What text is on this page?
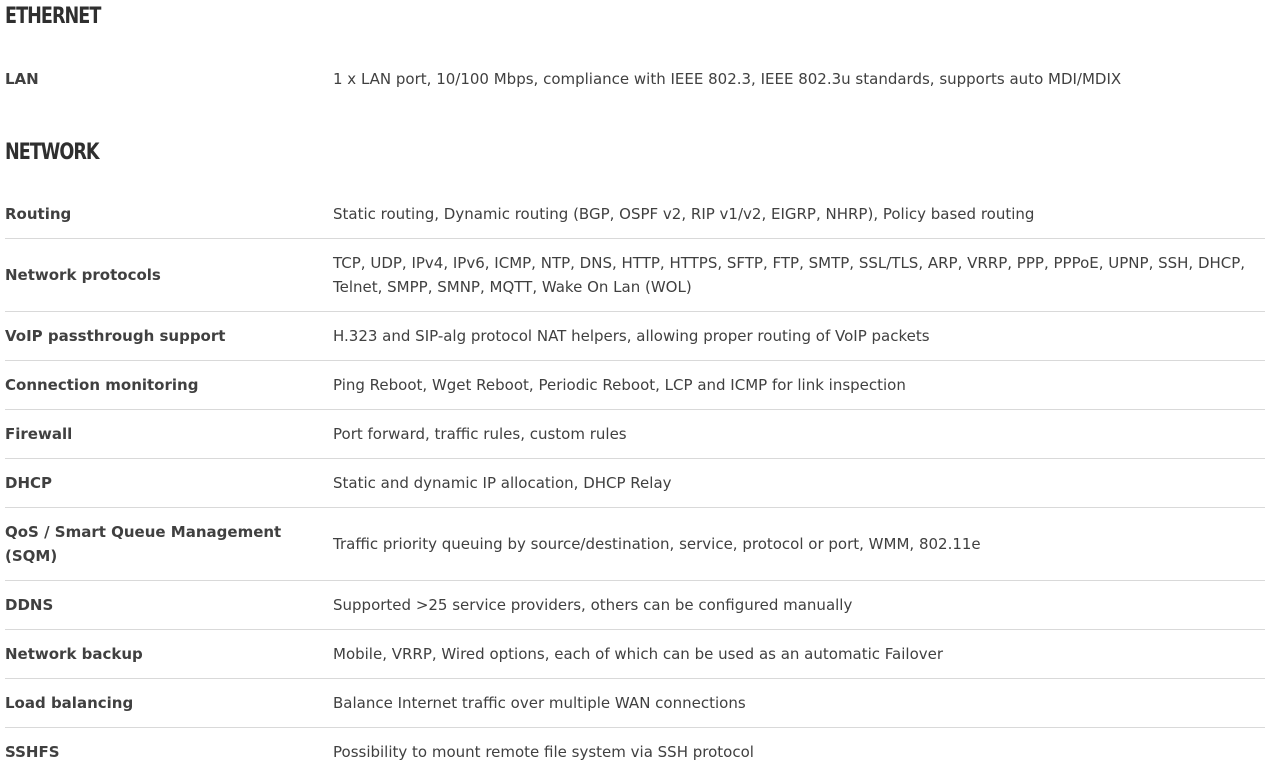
ETHERNET
LAN	1 x LAN port, 10/100 Mbps, compliance with IEEE 802.3, IEEE 802.3u standards, supports auto MDI/MDIX
NETWORK
Routing	Static routing, Dynamic routing (BGP, OSPF v2, RIP v1/v2, EIGRP, NHRP), Policy based routing
Network protocols	TCP, UDP, IPv4, IPv6, ICMP, NTP, DNS, HTTP, HTTPS, SFTP, FTP, SMTP, SSL/TLS, ARP, VRRP, PPP, PPPoE, UPNP, SSH, DHCP, Telnet, SMPP, SMNP, MQTT, Wake On Lan (WOL)
VoIP passthrough support	H.323 and SIP-alg protocol NAT helpers, allowing proper routing of VoIP packets
Connection monitoring	Ping Reboot, Wget Reboot, Periodic Reboot, LCP and ICMP for link inspection
Firewall	Port forward, traffic rules, custom rules
DHCP	Static and dynamic IP allocation, DHCP Relay
QoS / Smart Queue Management (SQM)	Traffic priority queuing by source/destination, service, protocol or port, WMM, 802.11e
DDNS	Supported >25 service providers, others can be configured manually
Network backup	Mobile, VRRP, Wired options, each of which can be used as an automatic Failover
Load balancing	Balance Internet traffic over multiple WAN connections
SSHFS	Possibility to mount remote file system via SSH protocol
